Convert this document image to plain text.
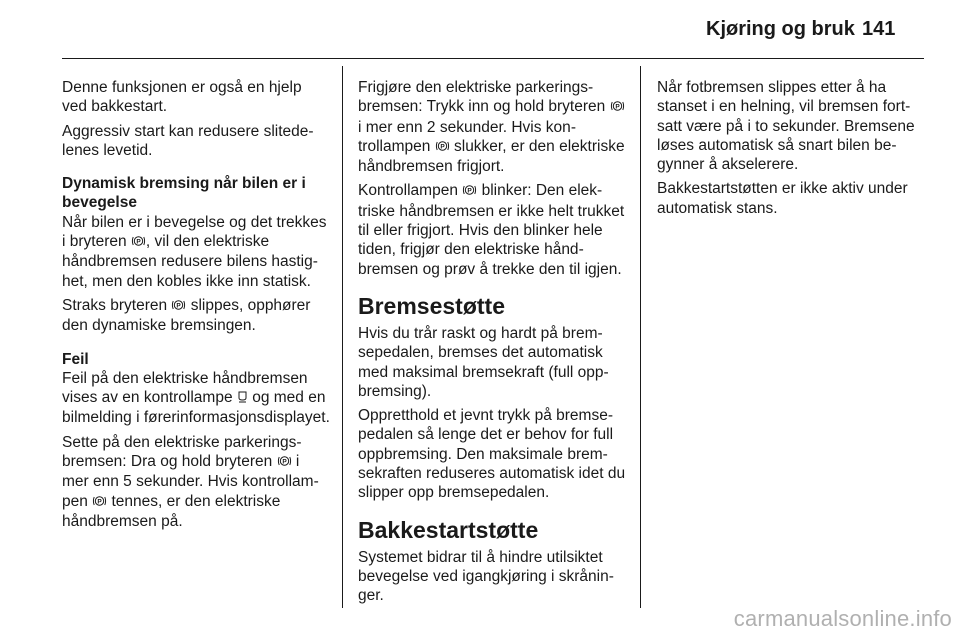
Kjøring og bruk 141

Denne funksjonen er også en hjelp ved bakkestart.

Aggressiv start kan redusere slitedelenes levetid.

Dynamisk bremsing når bilen er i bevegelse

Når bilen er i bevegelse og det trekkes i bryteren P , vil den elektriske håndbremsen redusere bilens hastighet, men den kobles ikke inn statisk.

Straks bryteren P slippes, opphører den dynamiske bremsingen.

Feil

Feil på den elektriske håndbremsen vises av en kontrollampe  og med en bilmelding i førerinformasjonsdisplayet.

Sette på den elektriske parkeringsbremsen: Dra og hold bryteren P i mer enn 5 sekunder. Hvis kontrollampen P tennes, er den elektriske håndbremsen på.

Frigjøre den elektriske parkeringsbremsen: Trykk inn og hold bryteren P
i mer enn 2 sekunder. Hvis kontrollampen P slukker, er den elektriske håndbremsen frigjort.

Kontrollampen P blinker: Den elektriske håndbremsen er ikke helt trukket til eller frigjort. Hvis den blinker hele tiden, frigjør den elektriske håndbremsen og prøv å trekke den til igjen.

Bremsestøtte

Hvis du trår raskt og hardt på bremsepedalen, bremses det automatisk med maksimal bremsekraft (full oppbremsing).

Oppretthold et jevnt trykk på bremsepedalen så lenge det er behov for full oppbremsing. Den maksimale bremsekraften reduseres automatisk idet du slipper opp bremsepedalen.

Bakkestartstøtte

Systemet bidrar til å hindre utilsiktet bevegelse ved igangkjøring i skråninger.

Når fotbremsen slippes etter å ha stanset i en helning, vil bremsen fortsatt være på i to sekunder. Bremsene løses automatisk så snart bilen begynner å akselerere.

Bakkestartstøtten er ikke aktiv under automatisk stans.

carmanualsonline.info
